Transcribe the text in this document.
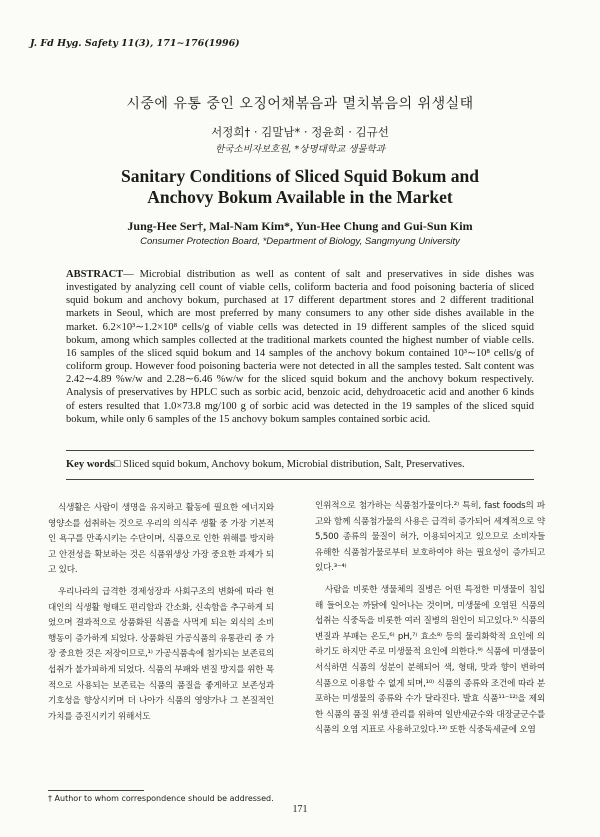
J. Fd Hyg. Safety 11(3), 171∼176(1996)
시중에 유통 중인 오징어채볶음과 멸치볶음의 위생실태
서정희† · 김말남* · 정윤희 · 김규선
한국소비자보호원, *상명대학교 생물학과
Sanitary Conditions of Sliced Squid Bokum and
Anchovy Bokum Available in the Market
Jung-Hee Ser†, Mal-Nam Kim*, Yun-Hee Chung and Gui-Sun Kim
Consumer Protection Board, *Department of Biology, Sangmyung University
ABSTRACT— Microbial distribution as well as content of salt and preservatives in side dishes was investigated by analyzing cell count of viable cells, coliform bacteria and food poisoning bacteria of sliced squid bokum and anchovy bokum, purchased at 17 different department stores and 2 different traditional markets in Seoul, which are most preferred by many consumers to any other side dishes available in the market. 6.2×10³∼1.2×10⁸ cells/g of viable cells was detected in 19 different samples of the sliced squid bokum, among which samples collected at the traditional markets counted the highest number of viable cells. 16 samples of the sliced squid bokum and 14 samples of the anchovy bokum contained 10³∼10⁸ cells/g of coliform group. However food poisoning bacteria were not detected in all the samples tested. Salt content was 2.42∼4.89 %w/w and 2.28∼6.46 %w/w for the sliced squid bokum and the anchovy bokum respectively. Analysis of preservatives by HPLC such as sorbic acid, benzoic acid, dehydroacetic acid and another 6 kinds of esters resulted that 1.0×73.8 mg/100 g of sorbic acid was detected in the 19 samples of the sliced squid bokum, while only 6 samples of the 15 anchovy bokum samples contained sorbic acid.
Key words□ Sliced squid bokum, Anchovy bokum, Microbial distribution, Salt, Preservatives.

식생활은 사람이 생명을 유지하고 활동에 필요한 에너지와 영양소를 섭취하는 것으로 우리의 의식주 생활 중 가장 기본적인 욕구를 만족시키는 수단이며, 식품으로 인한 위해를 방지하고 안전성을 확보하는 것은 식품위생상 가장 중요한 과제가 되고 있다.

우리나라의 급격한 경제성장과 사회구조의 변화에 따라 현대인의 식생활 형태도 편리함과 간소화, 신속함을 추구하게 되었으며 결과적으로 상품화된 식품을 사먹게 되는 외식의 소비행동이 증가하게 되었다. 상품화된 가공식품의 유통관리 중 가장 중요한 것은 저장이므로,¹⁾ 가공식품속에 첨가되는 보존료의 섭취가 불가피하게 되었다. 식품의 부패와 변질 방지를 위한 목적으로 사용되는 보존료는 식품의 품질을 좋게하고 보존성과 기호성을 향상시키며 더 나아가 식품의 영양가나 그 본질적인 가치를 증진시키기 위해서도

인위적으로 첨가하는 식품첨가물이다.²⁾ 특히, fast foods의 파고와 함께 식품첨가물의 사용은 급격히 증가되어 세계적으로 약 5,500 종류의 물질이 허가, 이용되어지고 있으므로 소비자들 유해한 식품첨가물로부터 보호하여야 하는 필요성이 증가되고 있다.³⁻⁴⁾

사람을 비롯한 생물체의 질병은 어떤 특정한 미생물이 침입해 들어오는 까닭에 일어나는 것이며, 미생물에 오염된 식품의 섭취는 식중독을 비롯한 여러 질병의 원인이 되고있다.⁵⁾ 식품의 변질과 부패는 온도,⁶⁾ pH,⁷⁾ 효소⁸⁾ 등의 물리화학적 요인에 의하기도 하지만 주로 미생물적 요인에 의한다.⁹⁾ 식품에 미생물이 서식하면 식품의 성분이 분해되어 색, 형태, 맛과 향이 변하여 식품으로 이용할 수 없게 되며,¹⁰⁾ 식품의 종류와 조건에 따라 분포하는 미생물의 종류와 수가 달라진다. 발효 식품¹¹⁻¹²⁾을 제외한 식품의 품질 위생 관리를 위하여 일반세균수와 대장균군수를 식품의 오염 지표로 사용하고있다.¹³⁾ 또한 식중독세균에 오염

† Author to whom correspondence should be addressed.
171
